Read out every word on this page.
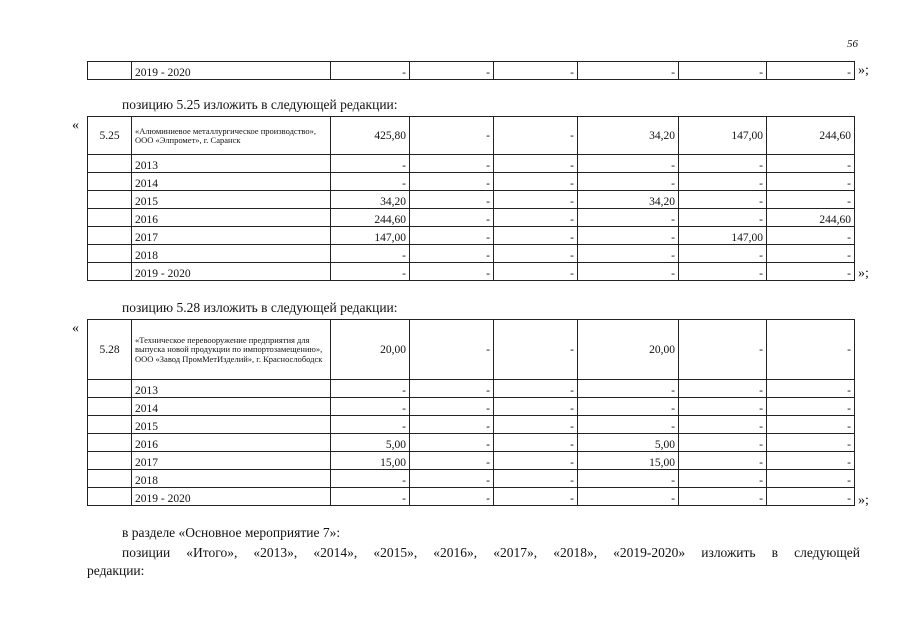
56
	2019 - 2020	-	-	-	-	-	- »;
позицию 5.25 изложить в следующей редакции:
«
5.25	«Алюминиевое металлургическое производство», ООО «Элпромет», г. Саранск	425,80	-	-	34,20	147,00	244,60
	2013	-	-	-	-	-	-
	2014	-	-	-	-	-	-
	2015	34,20	-	-	34,20	-	-
	2016	244,60	-	-	-	-	244,60
	2017	147,00	-	-	-	147,00	-
	2018	-	-	-	-	-	-
	2019 - 2020	-	-	-	-	-	- »;
позицию 5.28 изложить в следующей редакции:
«
5.28	«Техническое перевооружение предприятия для выпуска новой продукции по импортозамещению», ООО «Завод ПромМетИзделий», г. Краснослободск	20,00	-	-	20,00	-	-
	2013	-	-	-	-	-	-
	2014	-	-	-	-	-	-
	2015	-	-	-	-	-	-
	2016	5,00	-	-	5,00	-	-
	2017	15,00	-	-	15,00	-	-
	2018	-	-	-	-	-	-
	2019 - 2020	-	-	-	-	-	- »;
в разделе «Основное мероприятие 7»:
позиции «Итого», «2013», «2014», «2015», «2016», «2017», «2018», «2019-2020» изложить в следующей
редакции:
